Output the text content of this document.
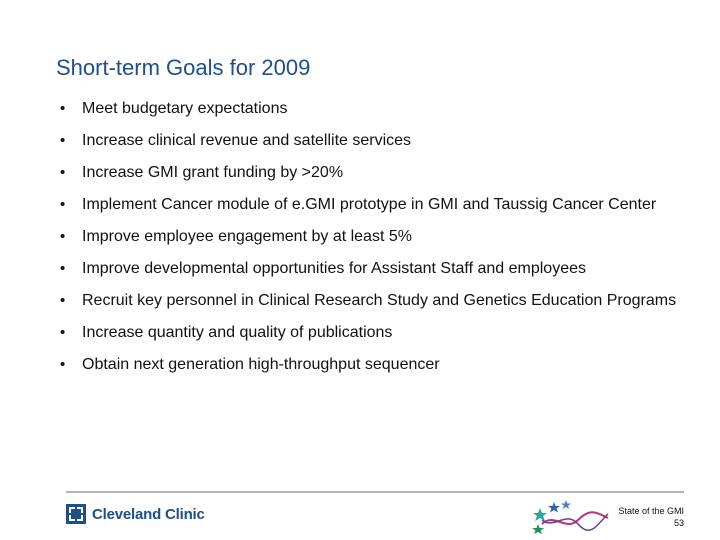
Short-term Goals for 2009
• Meet budgetary expectations
• Increase clinical revenue and satellite services
• Increase GMI grant funding by >20%
• Implement Cancer module of e.GMI prototype in GMI and Taussig Cancer Center
• Improve employee engagement by at least 5%
• Improve developmental opportunities for Assistant Staff and employees
• Recruit key personnel in Clinical Research Study and Genetics Education Programs
• Increase quantity and quality of publications
• Obtain next generation high-throughput sequencer
Cleveland Clinic	State of the GMI
53
